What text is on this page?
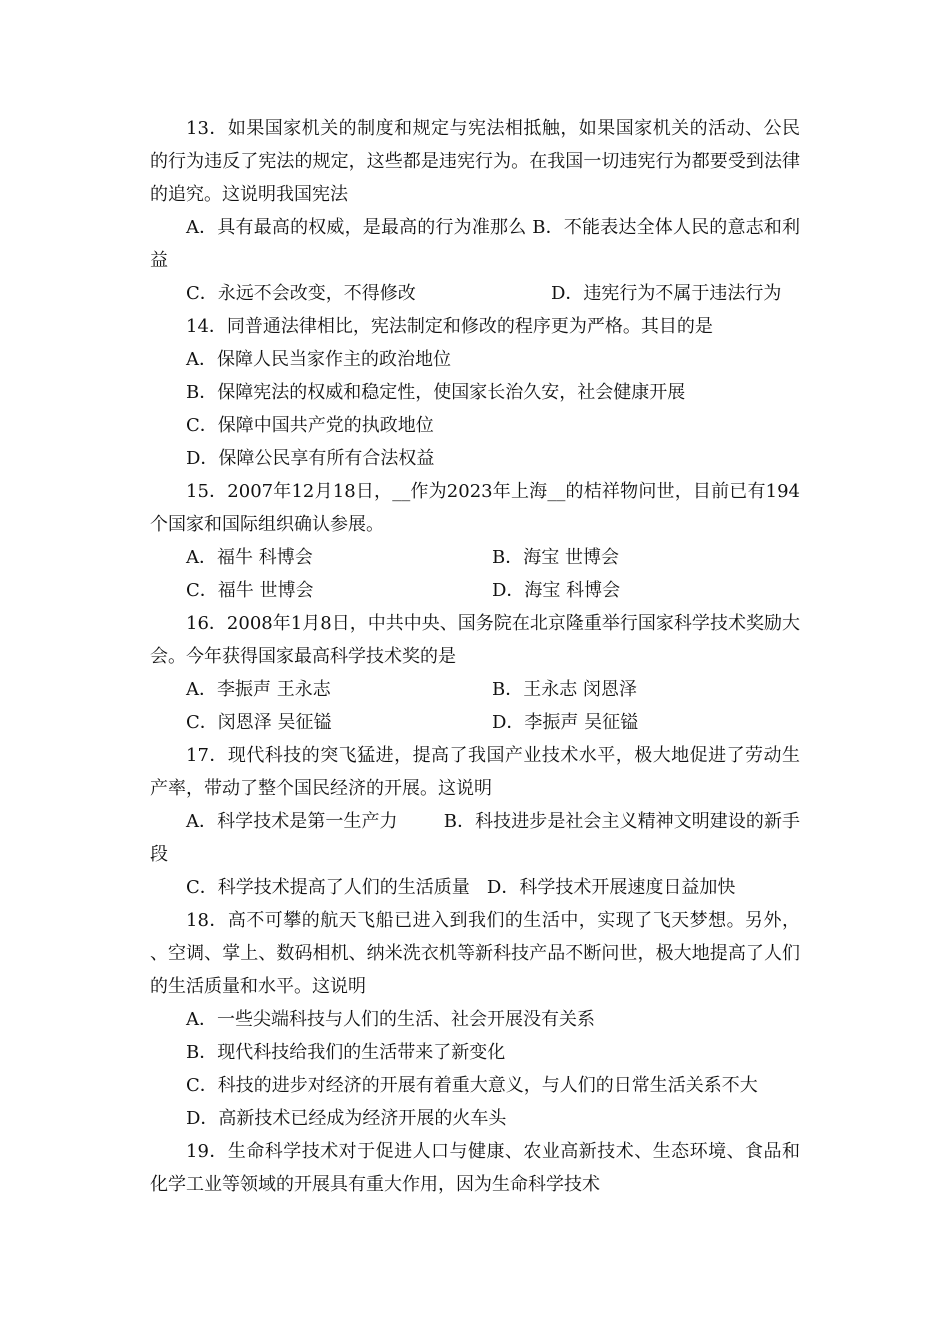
13．如果国家机关的制度和规定与宪法相抵触，如果国家机关的活动、公民的行为违反了宪法的规定，这些都是违宪行为。在我国一切违宪行为都要受到法律的追究。这说明我国宪法

A．具有最高的权威，是最高的行为准那么 B．不能表达全体人民的意志和利益

C．永远不会改变，不得修改	D．违宪行为不属于违法行为

14．同普通法律相比，宪法制定和修改的程序更为严格。其目的是

A．保障人民当家作主的政治地位
B．保障宪法的权威和稳定性，使国家长治久安，社会健康开展
C．保障中国共产党的执政地位
D．保障公民享有所有合法权益

15．2007年12月18日，__作为2023年上海__的桔祥物问世，目前已有194个国家和国际组织确认参展。

A．福牛 科博会	B．海宝 世博会
C．福牛 世博会	D．海宝 科博会

16．2008年1月8日，中共中央、国务院在北京隆重举行国家科学技术奖励大会。今年获得国家最高科学技术奖的是

A．李振声 王永志	B．王永志 闵恩泽
C．闵恩泽 吴征镒	D．李振声 吴征镒

17．现代科技的突飞猛进，提高了我国产业技术水平，极大地促进了劳动生产率，带动了整个国民经济的开展。这说明

A．科学技术是第一生产力        B．科技进步是社会主义精神文明建设的新手段

C．科学技术提高了人们的生活质量   D．科学技术开展速度日益加快

18．高不可攀的航天飞船已进入到我们的生活中，实现了飞天梦想。另外，   、空调、掌上、数码相机、纳米洗衣机等新科技产品不断问世，极大地提高了人们的生活质量和水平。这说明

A．一些尖端科技与人们的生活、社会开展没有关系
B．现代科技给我们的生活带来了新变化
C．科技的进步对经济的开展有着重大意义，与人们的日常生活关系不大
D．高新技术已经成为经济开展的火车头

19．生命科学技术对于促进人口与健康、农业高新技术、生态环境、食品和化学工业等领域的开展具有重大作用，因为生命科学技术
